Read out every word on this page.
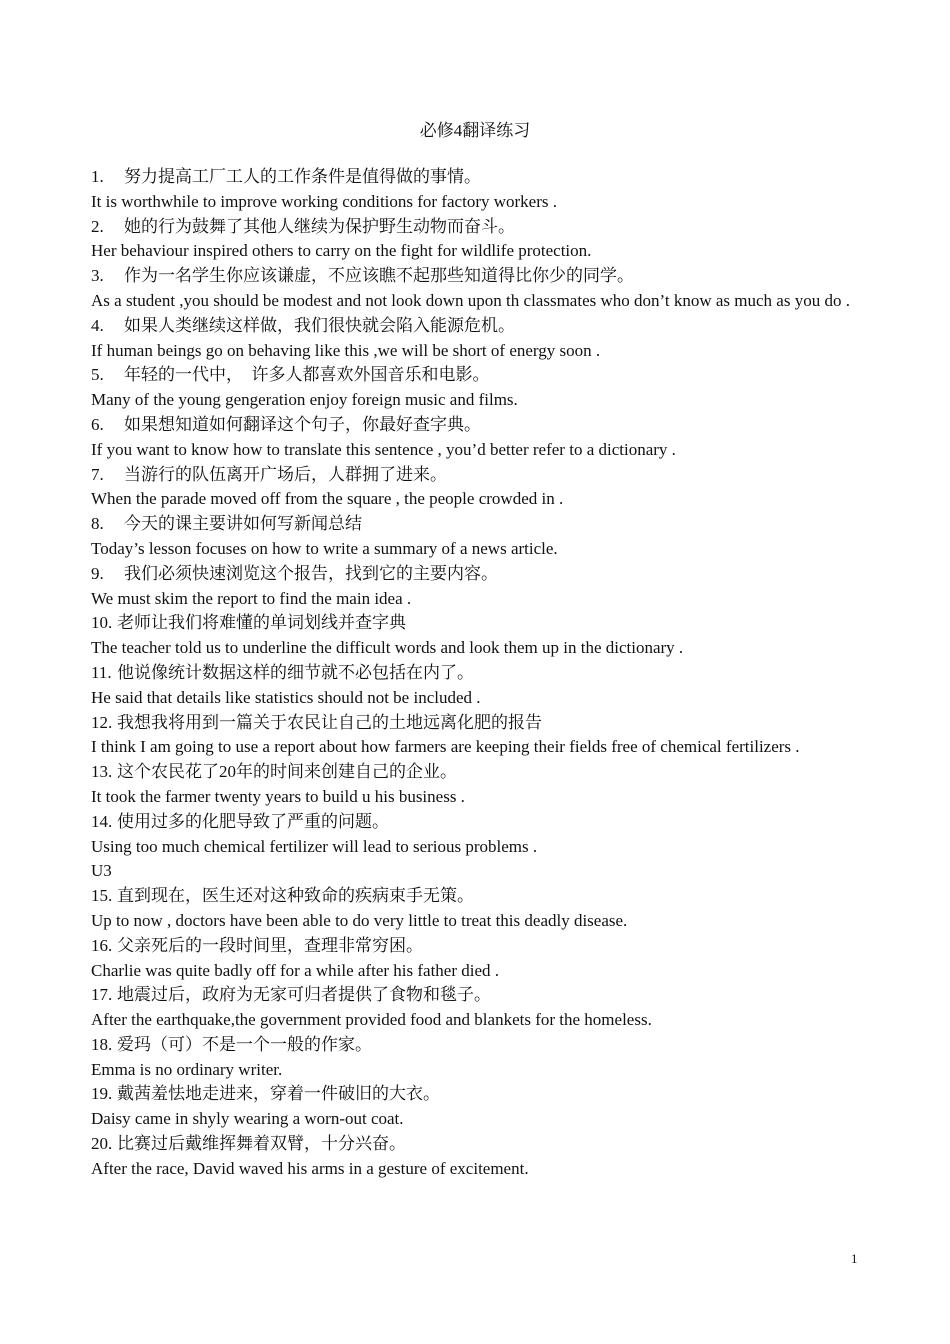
必修4翻译练习
1. 努力提高工厂工人的工作条件是值得做的事情。
It is worthwhile to improve working conditions for factory workers .
2. 她的行为鼓舞了其他人继续为保护野生动物而奋斗。
Her behaviour inspired others to carry on the fight for wildlife protection.
3. 作为一名学生你应该谦虚，不应该瞧不起那些知道得比你少的同学。
As a student ,you should be modest and not look down upon th classmates who don’t know as much as you do .
4. 如果人类继续这样做，我们很快就会陷入能源危机。
If human beings go on behaving like this ,we will be short of energy soon .
5. 年轻的一代中，  许多人都喜欢外国音乐和电影。
Many of the young gengeration enjoy foreign music and films.
6. 如果想知道如何翻译这个句子，你最好查字典。
If you want to know how to translate this sentence , you’d better refer to a dictionary .
7. 当游行的队伍离开广场后，人群拥了进来。
When the parade moved off from the square , the people crowded in .
8. 今天的课主要讲如何写新闻总结
Today’s lesson focuses on how to write a summary of a news article.
9. 我们必须快速浏览这个报告，找到它的主要内容。
We must skim the report to find the main idea .
10. 老师让我们将难懂的单词划线并查字典
The teacher told us to underline the difficult words and look them up in the dictionary .
11. 他说像统计数据这样的细节就不必包括在内了。
He said that details like statistics should not be included .
12. 我想我将用到一篇关于农民让自己的土地远离化肥的报告
I think I am going to use a report about how farmers are keeping their fields free of chemical fertilizers .
13. 这个农民花了20年的时间来创建自己的企业。
It took the farmer twenty years to build u his business .
14. 使用过多的化肥导致了严重的问题。
Using too much chemical fertilizer will lead to serious problems .
U3
15. 直到现在，医生还对这种致命的疾病束手无策。
Up to now , doctors have been able to do very little to treat this deadly disease.
16. 父亲死后的一段时间里，查理非常穷困。
Charlie was quite badly off for a while after his father died .
17. 地震过后，政府为无家可归者提供了食物和毯子。
After the earthquake,the government provided food and blankets for the homeless.
18. 爱玛（可）不是一个一般的作家。
Emma is no ordinary writer.
19. 戴茜羞怯地走进来，穿着一件破旧的大衣。
Daisy came in shyly wearing a worn-out coat.
20. 比赛过后戴维挥舞着双臂，十分兴奋。
After the race, David waved his arms in a gesture of excitement.
1
